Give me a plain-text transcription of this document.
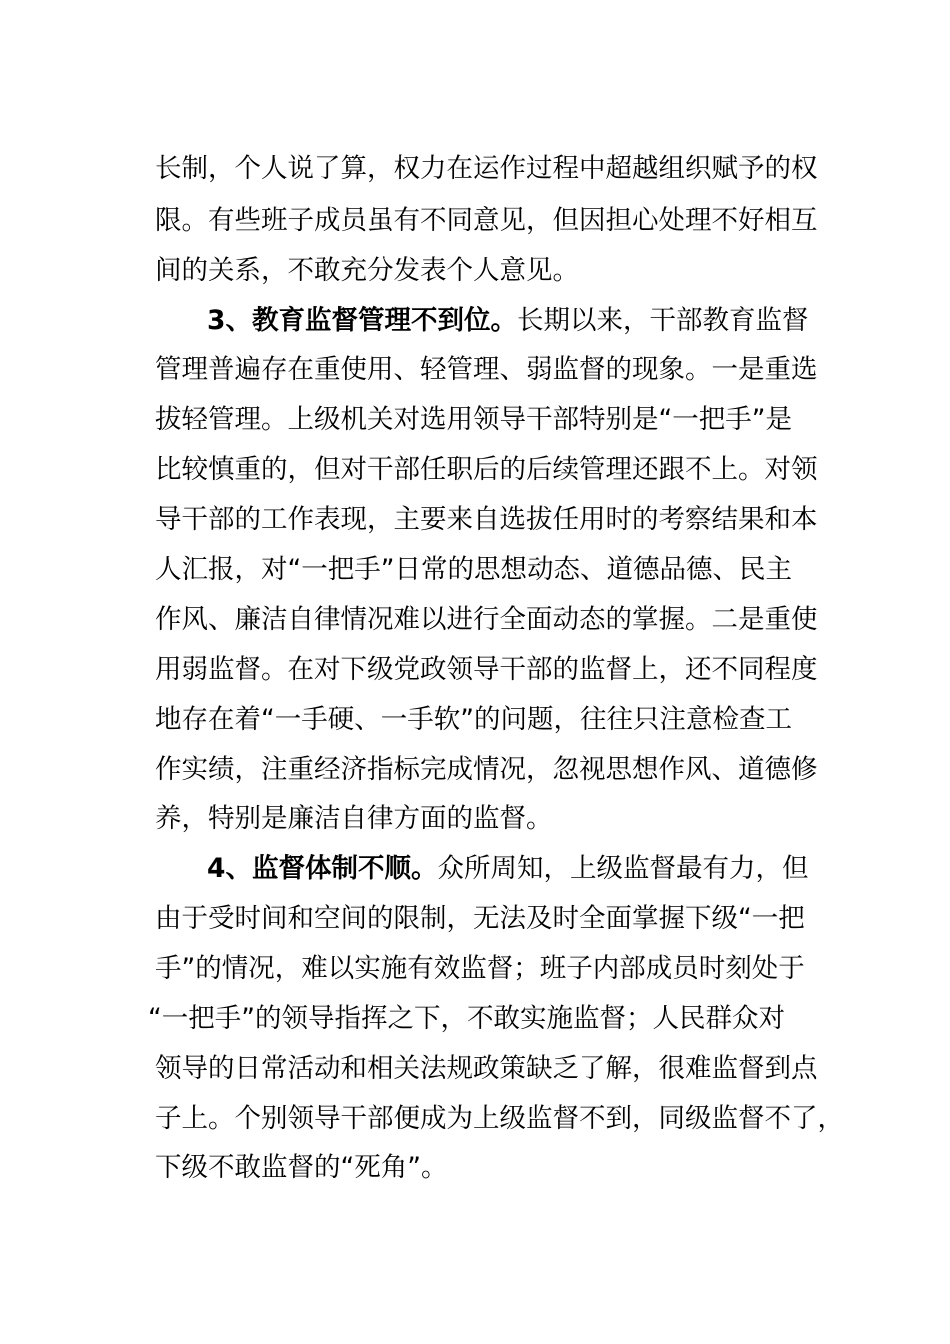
长制，个人说了算，权力在运作过程中超越组织赋予的权
限。有些班子成员虽有不同意见，但因担心处理不好相互
间的关系，不敢充分发表个人意见。
3、教育监督管理不到位。长期以来，干部教育监督
管理普遍存在重使用、轻管理、弱监督的现象。一是重选
拔轻管理。上级机关对选用领导干部特别是“一把手”是
比较慎重的，但对干部任职后的后续管理还跟不上。对领
导干部的工作表现，主要来自选拔任用时的考察结果和本
人汇报，对“一把手”日常的思想动态、道德品德、民主
作风、廉洁自律情况难以进行全面动态的掌握。二是重使
用弱监督。在对下级党政领导干部的监督上，还不同程度
地存在着“一手硬、一手软”的问题，往往只注意检查工
作实绩，注重经济指标完成情况，忽视思想作风、道德修
养，特别是廉洁自律方面的监督。
4、监督体制不顺。众所周知，上级监督最有力，但
由于受时间和空间的限制，无法及时全面掌握下级“一把
手”的情况，难以实施有效监督；班子内部成员时刻处于
“一把手”的领导指挥之下，不敢实施监督；人民群众对
领导的日常活动和相关法规政策缺乏了解，很难监督到点
子上。个别领导干部便成为上级监督不到，同级监督不了，
下级不敢监督的“死角”。
